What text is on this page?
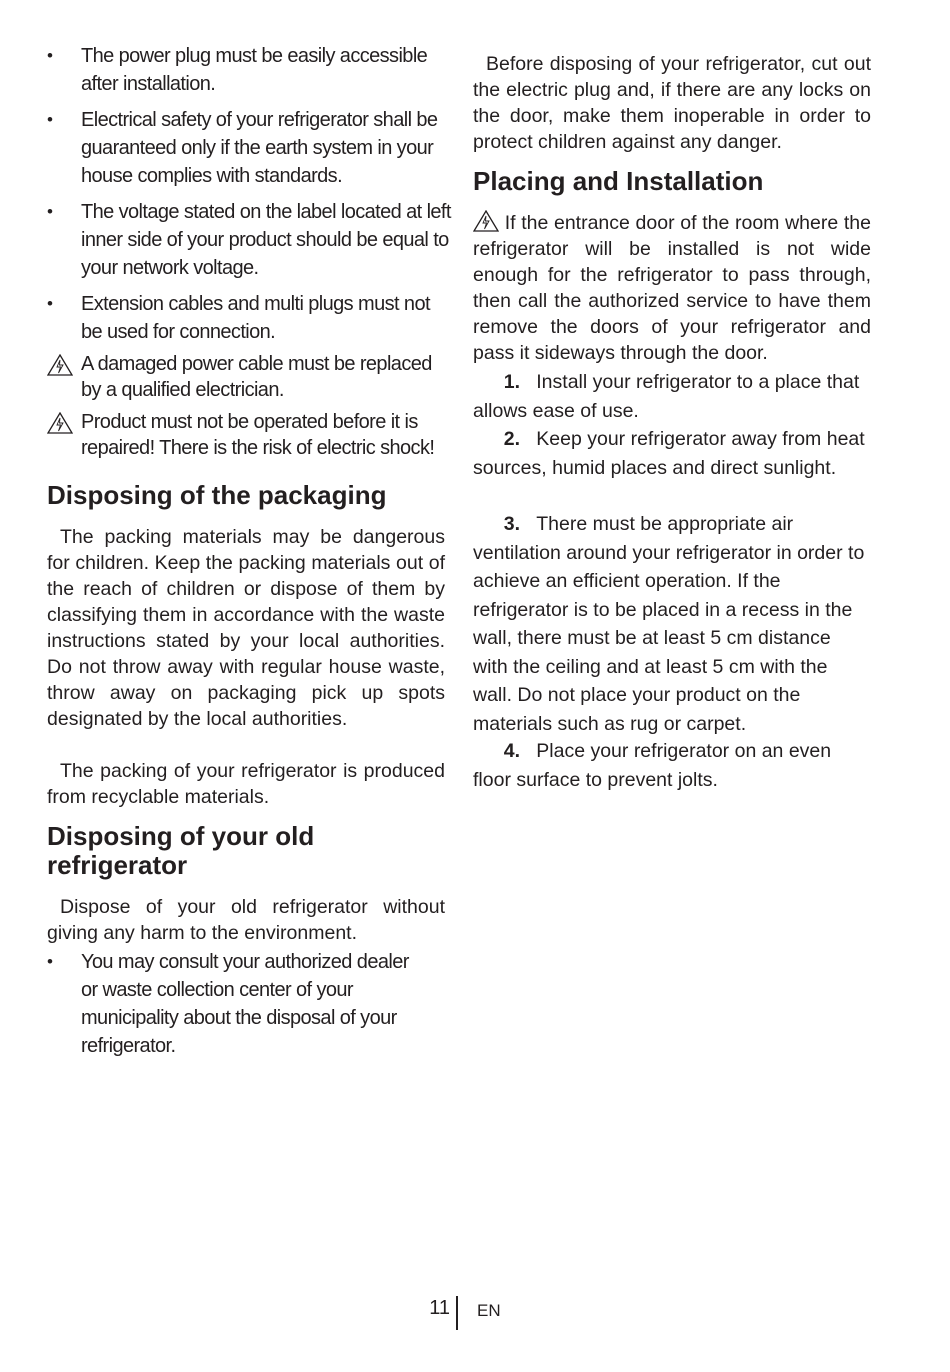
•	The power plug must be easily accessible after installation.
•	Electrical safety of your refrigerator shall be guaranteed only if the earth system in your house complies with standards.
•	The voltage stated on the label located at left inner side of your product should be equal to your network voltage.
•	Extension cables and multi plugs must not be used for connection.
A damaged power cable must be replaced by a qualified electrician.
Product must not be operated before it is repaired! There is the risk of electric shock!
Disposing of the packaging

The packing materials may be dangerous for children. Keep the packing materials out of the reach of children or dispose of them by classifying them in accordance with the waste instructions stated by your local authorities. Do not throw away with regular house waste, throw away on packaging pick up spots designated by the local authorities.

The packing of your refrigerator is produced from recyclable materials.

Disposing of your old
refrigerator

Dispose of your old refrigerator without giving any harm to the environment.

•	You may consult your authorized dealer or waste collection center of your municipality about the disposal of your refrigerator.

Before disposing of your refrigerator, cut out the electric plug and, if there are any locks on the door, make them inoperable in order to protect children against any danger.

Placing and Installation

If the entrance door of the room where the refrigerator will be installed is not wide enough for the refrigerator to pass through, then call the authorized service to have them remove the doors of your refrigerator and pass it sideways through the door.

1. Install your refrigerator to a place that allows ease of use.
2. Keep your refrigerator away from heat sources, humid places and direct sunlight.
3. There must be appropriate air ventilation around your refrigerator in order to achieve an efficient operation. If the refrigerator is to be placed in a recess in the wall, there must be at least 5 cm distance with the ceiling and at least 5 cm with the wall. Do not place your product on the materials such as rug or carpet.
4. Place your refrigerator on an even floor surface to prevent jolts.
11 EN
